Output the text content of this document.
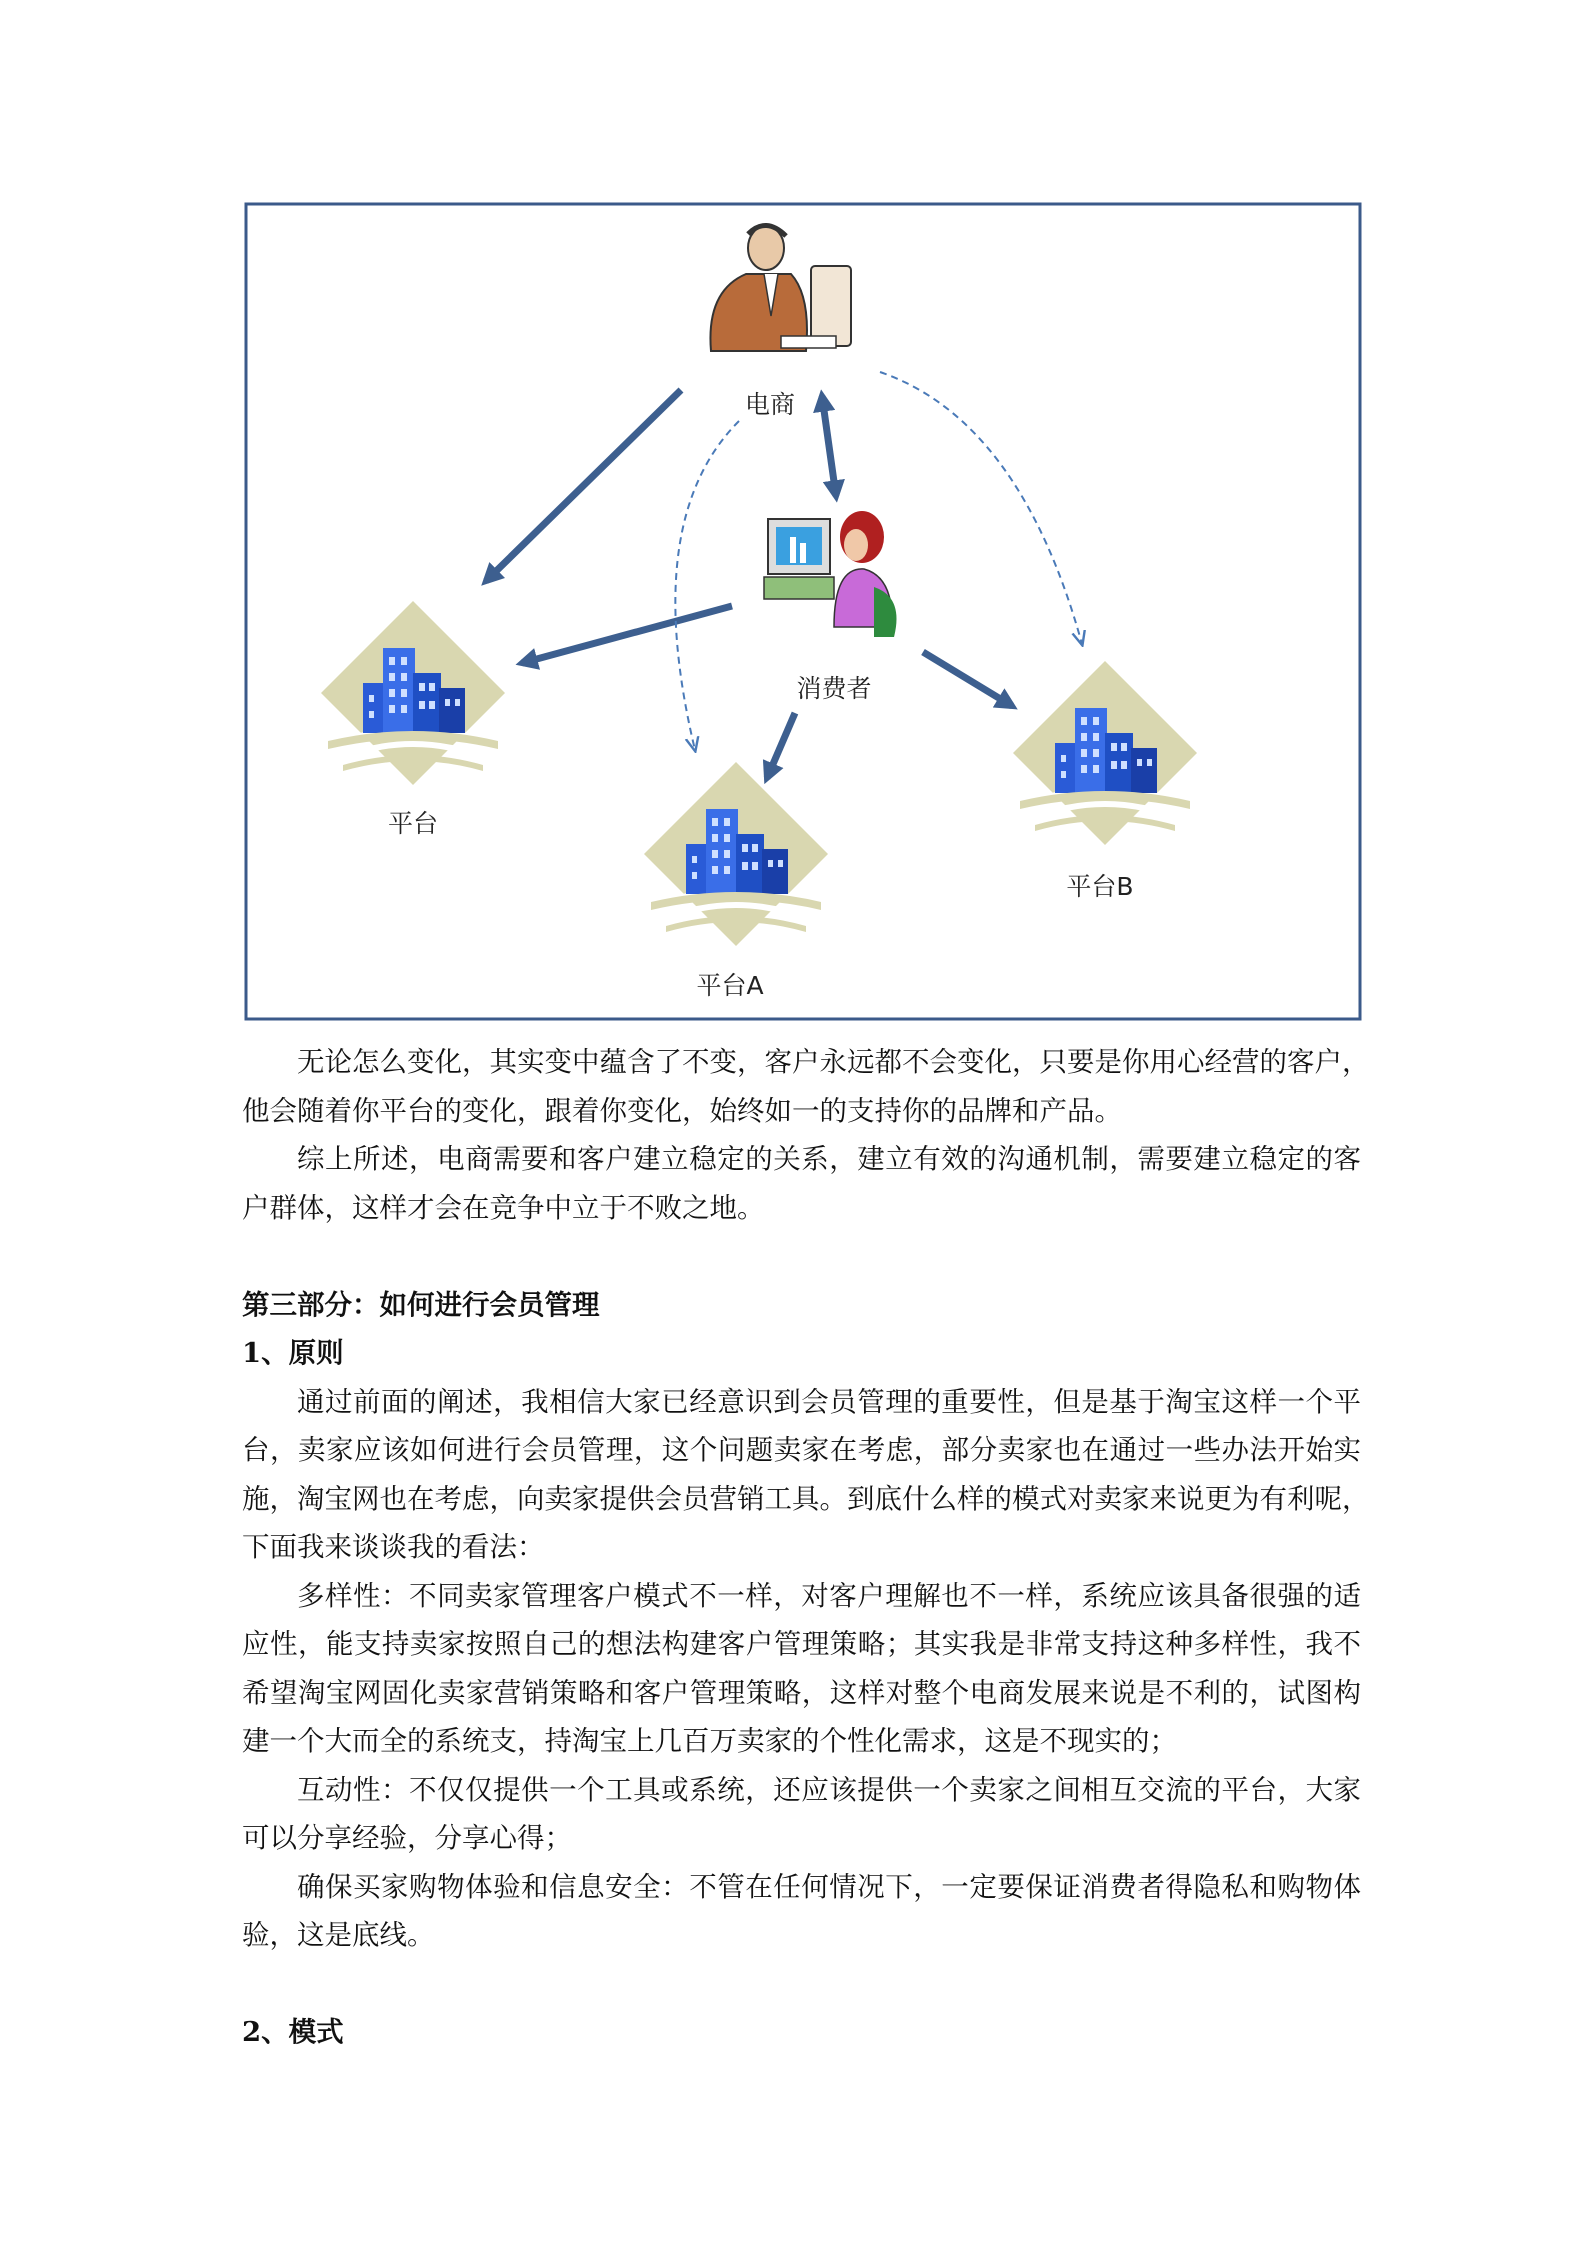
电商
消费者
平台
平台A
平台B
无论怎么变化，其实变中蕴含了不变，客户永远都不会变化，只要是你用心经营的客户，
他会随着你平台的变化，跟着你变化，始终如一的支持你的品牌和产品。
综上所述，电商需要和客户建立稳定的关系，建立有效的沟通机制，需要建立稳定的客
户群体，这样才会在竞争中立于不败之地。
第三部分：如何进行会员管理
1、原则
通过前面的阐述，我相信大家已经意识到会员管理的重要性，但是基于淘宝这样一个平
台，卖家应该如何进行会员管理，这个问题卖家在考虑，部分卖家也在通过一些办法开始实
施，淘宝网也在考虑，向卖家提供会员营销工具。到底什么样的模式对卖家来说更为有利呢，
下面我来谈谈我的看法：
多样性：不同卖家管理客户模式不一样，对客户理解也不一样，系统应该具备很强的适
应性，能支持卖家按照自己的想法构建客户管理策略；其实我是非常支持这种多样性，我不
希望淘宝网固化卖家营销策略和客户管理策略，这样对整个电商发展来说是不利的，试图构
建一个大而全的系统支，持淘宝上几百万卖家的个性化需求，这是不现实的；
互动性：不仅仅提供一个工具或系统，还应该提供一个卖家之间相互交流的平台，大家
可以分享经验，分享心得；
确保买家购物体验和信息安全：不管在任何情况下，一定要保证消费者得隐私和购物体
验，这是底线。
2、模式
